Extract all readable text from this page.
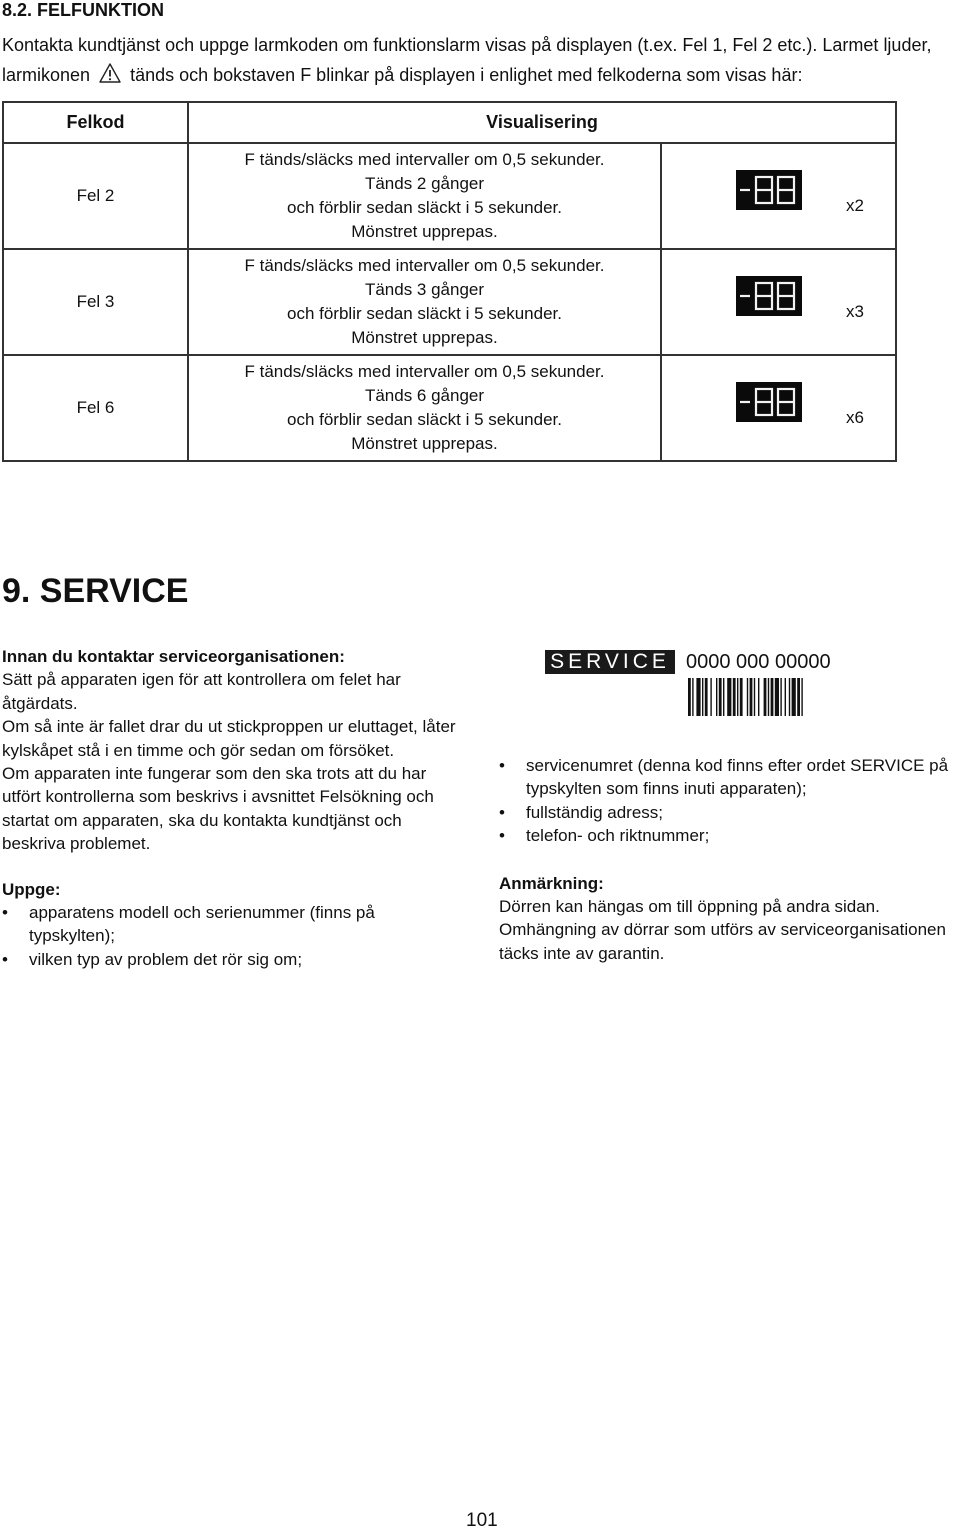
8.2. FELFUNKTION
Kontakta kundtjänst och uppge larmkoden om funktionslarm visas på displayen (t.ex. Fel 1, Fel 2 etc.). Larmet ljuder, larmikonen tänds och bokstaven F blinkar på displayen i enlighet med felkoderna som visas här:
Felkod	Visualisering	
Fel 2	F tänds/släcks med intervaller om 0,5 sekunder.
Tänds 2 gånger
och förblir sedan släckt i 5 sekunder.
Mönstret upprepas.	x2

Fel 3	F tänds/släcks med intervaller om 0,5 sekunder.
Tänds 3 gånger
och förblir sedan släckt i 5 sekunder.
Mönstret upprepas.	x3

Fel 6	F tänds/släcks med intervaller om 0,5 sekunder.
Tänds 6 gånger
och förblir sedan släckt i 5 sekunder.
Mönstret upprepas.	x6
9. SERVICE

Innan du kontaktar serviceorganisationen:

Sätt på apparaten igen för att kontrollera om felet har åtgärdats.

Om så inte är fallet drar du ut stickproppen ur eluttaget, låter kylskåpet stå i en timme och gör sedan om försöket.

Om apparaten inte fungerar som den ska trots att du har utfört kontrollerna som beskrivs i avsnittet Felsökning och startat om apparaten, ska du kontakta kundtjänst och beskriva problemet.

Uppge:

• apparatens modell och serienummer (finns på typskylten);
• vilken typ av problem det rör sig om;
SERVICE 0000 000 00000
• servicenumret (denna kod finns efter ordet SERVICE på typskylten som finns inuti apparaten);
• fullständig adress;
• telefon- och riktnummer;

Anmärkning:

Dörren kan hängas om till öppning på andra sidan. Omhängning av dörrar som utförs av serviceorganisationen täcks inte av garantin.

101
